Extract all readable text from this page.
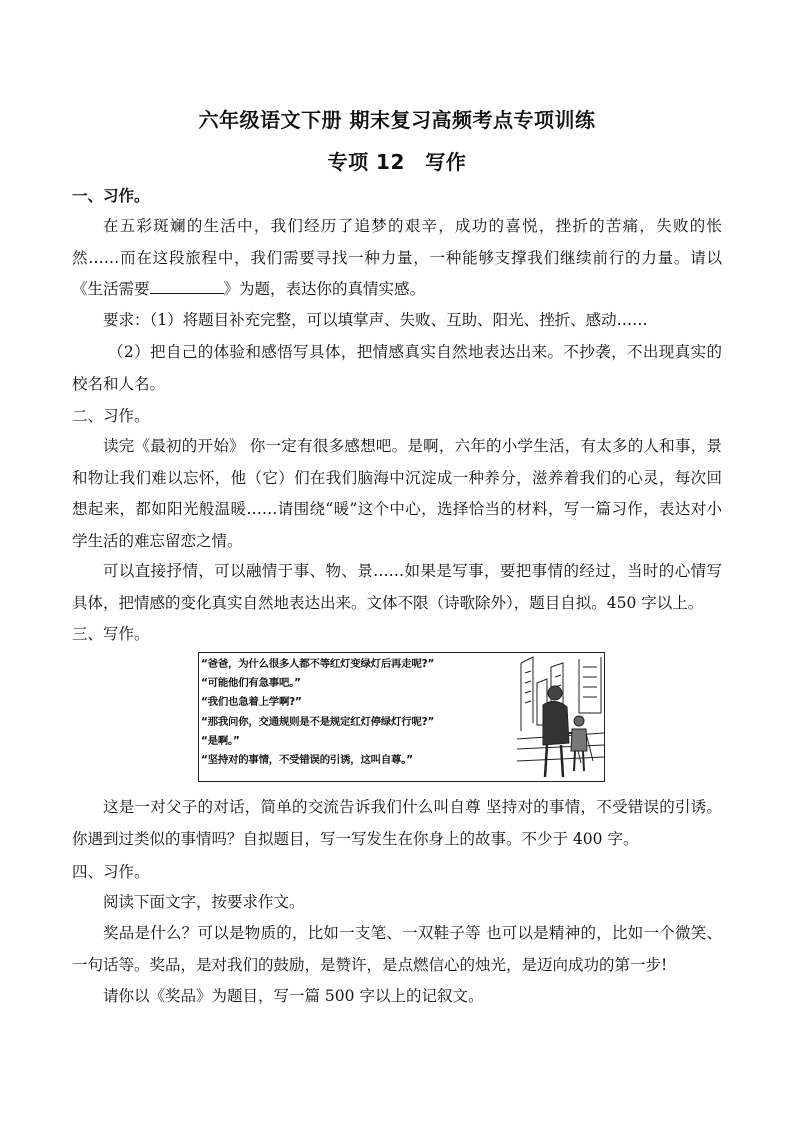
六年级语文下册 期末复习高频考点专项训练
专项 12　写作
一、习作。

在五彩斑斓的生活中，我们经历了追梦的艰辛，成功的喜悦，挫折的苦痛，失败的怅然……而在这段旅程中，我们需要寻找一种力量，一种能够支撑我们继续前行的力量。请以《生活需要	》为题，表达你的真情实感。

要求：（1）将题目补充完整，可以填掌声、失败、互助、阳光、挫折、感动……

（2）把自己的体验和感悟写具体，把情感真实自然地表达出来。不抄袭，不出现真实的校名和人名。

二、习作。

读完《最初的开始》 你一定有很多感想吧。是啊，六年的小学生活，有太多的人和事，景和物让我们难以忘怀，他（它）们在我们脑海中沉淀成一种养分，滋养着我们的心灵，每次回想起来，都如阳光般温暖……请围绕“暖”这个中心，选择恰当的材料，写一篇习作，表达对小学生活的难忘留恋之情。

可以直接抒情，可以融情于事、物、景……如果是写事，要把事情的经过，当时的心情写具体，把情感的变化真实自然地表达出来。文体不限（诗歌除外），题目自拟。450 字以上。

三、写作。
“爸爸，为什么很多人都不等红灯变绿灯后再走呢?”
“可能他们有急事吧。”
“我们也急着上学啊?”
“那我问你，交通规则是不是规定红灯停绿灯行呢?”
“是啊。”
“坚持对的事情，不受错误的引诱，这叫自尊。”

这是一对父子的对话，简单的交流告诉我们什么叫自尊 坚持对的事情，不受错误的引诱。你遇到过类似的事情吗？自拟题目，写一写发生在你身上的故事。不少于 400 字。

四、习作。

阅读下面文字，按要求作文。

奖品是什么？可以是物质的，比如一支笔、一双鞋子等 也可以是精神的，比如一个微笑、一句话等。奖品，是对我们的鼓励，是赞许，是点燃信心的烛光，是迈向成功的第一步!

请你以《奖品》为题目，写一篇 500 字以上的记叙文。
